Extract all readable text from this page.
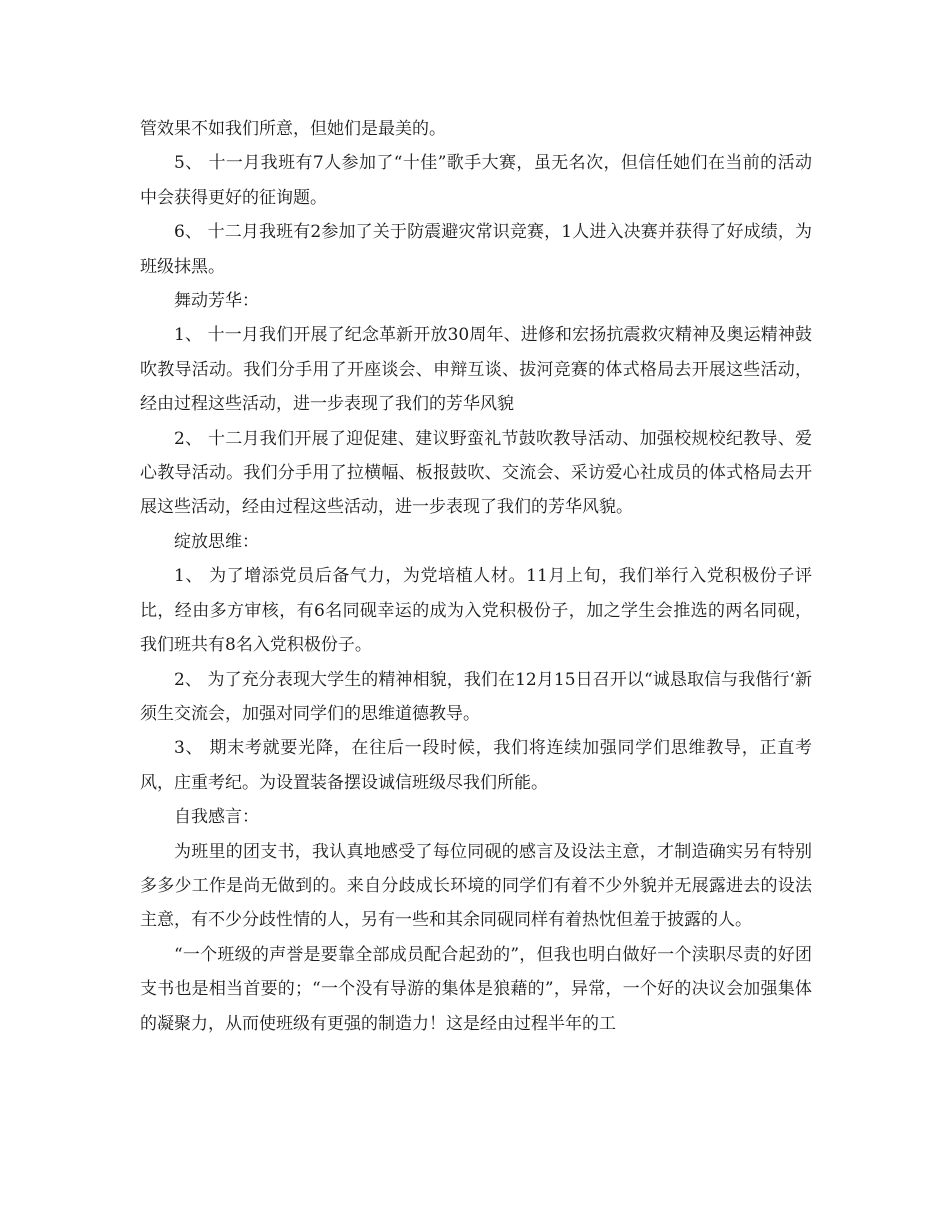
管效果不如我们所意，但她们是最美的。

5、 十一月我班有7人参加了“十佳”歌手大赛，虽无名次，但信任她们在当前的活动中会获得更好的征询题。

6、 十二月我班有2参加了关于防震避灾常识竞赛，1人进入决赛并获得了好成绩，为班级抹黑。

舞动芳华：

1、 十一月我们开展了纪念革新开放30周年、进修和宏扬抗震救灾精神及奥运精神鼓吹教导活动。我们分手用了开座谈会、申辩互谈、拔河竞赛的体式格局去开展这些活动，经由过程这些活动，进一步表现了我们的芳华风貌

2、 十二月我们开展了迎促建、建议野蛮礼节鼓吹教导活动、加强校规校纪教导、爱心教导活动。我们分手用了拉横幅、板报鼓吹、交流会、采访爱心社成员的体式格局去开展这些活动，经由过程这些活动，进一步表现了我们的芳华风貌。

绽放思维：

1、 为了增添党员后备气力，为党培植人材。11月上旬，我们举行入党积极份子评比，经由多方审核，有6名同砚幸运的成为入党积极份子，加之学生会推选的两名同砚，我们班共有8名入党积极份子。

2、 为了充分表现大学生的精神相貌，我们在12月15日召开以“诚恳取信与我偕行‘新须生交流会，加强对同学们的思维道德教导。

3、 期末考就要光降，在往后一段时候，我们将连续加强同学们思维教导，正直考风，庄重考纪。为设置装备摆设诚信班级尽我们所能。

自我感言：

为班里的团支书，我认真地感受了每位同砚的感言及设法主意，才制造确实另有特别多多少工作是尚无做到的。来自分歧成长环境的同学们有着不少外貌并无展露进去的设法主意，有不少分歧性情的人，另有一些和其余同砚同样有着热忱但羞于披露的人。

“一个班级的声誉是要靠全部成员配合起劲的”，但我也明白做好一个渎职尽责的好团支书也是相当首要的；“一个没有导游的集体是狼藉的”，异常，一个好的决议会加强集体的凝聚力，从而使班级有更强的制造力！这是经由过程半年的工
